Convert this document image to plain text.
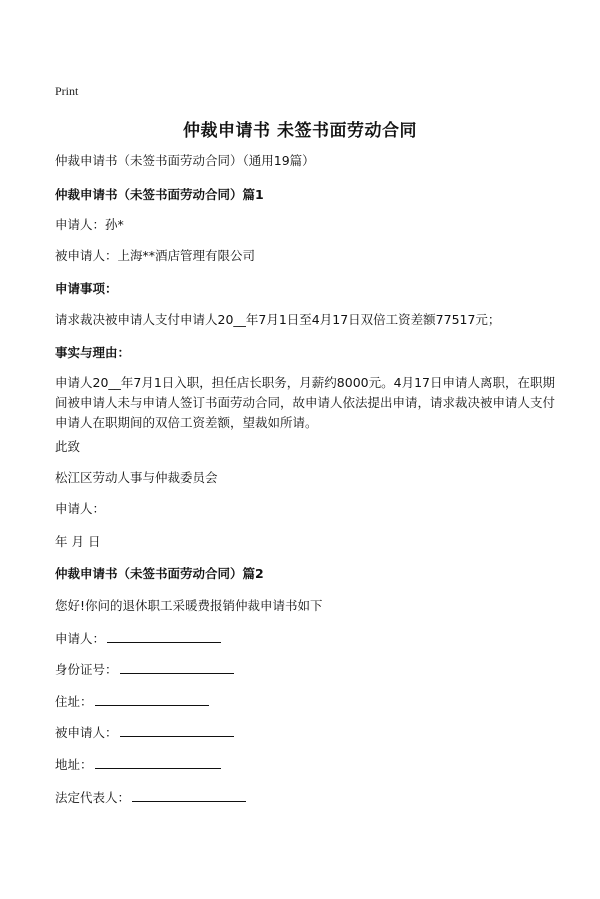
Print
仲裁申请书 未签书面劳动合同
仲裁申请书（未签书面劳动合同）（通用19篇）
仲裁申请书（未签书面劳动合同）篇1
申请人：孙*
被申请人：上海**酒店管理有限公司
申请事项：
请求裁决被申请人支付申请人20__年7月1日至4月17日双倍工资差额77517元；
事实与理由：
申请人20__年7月1日入职，担任店长职务，月薪约8000元。4月17日申请人离职，在职期间被申请人未与申请人签订书面劳动合同，故申请人依法提出申请，请求裁决被申请人支付申请人在职期间的双倍工资差额，望裁如所请。
此致
松江区劳动人事与仲裁委员会
申请人：
年 月 日
仲裁申请书（未签书面劳动合同）篇2
您好!你问的退休职工采暖费报销仲裁申请书如下
申请人：
身份证号：
住址：
被申请人：
地址：
法定代表人：
